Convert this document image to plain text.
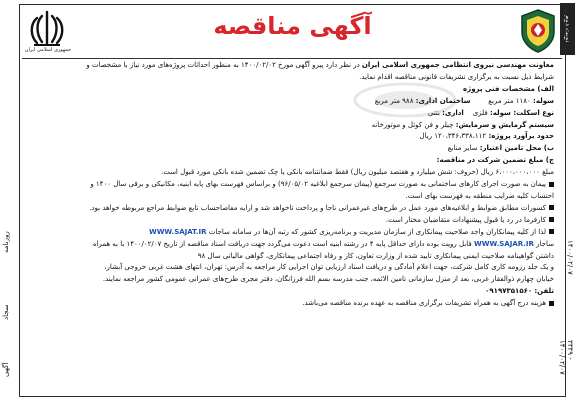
روزنامه
سجاد
آگهی
نوبت دوم
۱۴۰۰/۰۲/۰۷
۳۳۴۹ - ۱۴۰۰/۰۲/۰۷
جمهوری اسلامی ایران
آگهی مناقصه

معاونت مهندسی نیروی انتظامی جمهوری اسلامی ایران در نظر دارد پیرو آگهی مورخ ۱۴۰۰/۰۲/۰۲ به منظور احداثات پروژه‌های مورد نیاز با مشخصات و

شرایط ذیل نسبت به برگزاری تشریفات قانونی مناقصه اقدام نماید.

الف) مشخصات فنی پروژه

سوله: ۱۱۸۰ متر مربع        ساختمان اداری: ۹۸۸ متر مربع

نوع اسکلت: سوله: فلزی    اداری: بتنی

سیستم گرمایش و سرمایش: چیلر و فن کوئل و موتورخانه

حدود برآورد پروژه: ۱۲۰،۳۴۶،۳۳۸،۱۱۲ ریال

ب) محل تامین اعتبار: سایر منابع

ج) مبلغ تضمین شرکت در مناقصه:

مبلغ ۶،۰۰۰،۰۰۰،۰۰۰ ریال (حروف: شش میلیارد و هفتصد میلیون ریال) فقط ضمانتنامه بانکی یا چک تضمین شده بانکی مورد قبول است.

پیمان به صورت اجرای کارهای ساختمانی به صورت سرجمع (پیمان سرجمع ابلاغیه ۹۶/۰۵/۰۲) و براساس فهرست بهای پایه ابنیه، مکانیکی و برقی سال ۱۴۰۰ و

احتساب کلیه ضرایب منطقه به فهرست بهای است.

کسورات مطابق ضوابط و ابلاغیه‌های مورد عمل در طرح‌های غیرعمرانی ناجا و پرداخت تاخواهد شد و ارایه مفاصاحساب تابع ضوابط مراجع مربوطه خواهد بود.

کارفرما در رد یا قبول پیشنهادات متقاضیان مختار است.

لذا از کلیه پیمانکاران واجد صلاحیت پیمانکاری از سازمان مدیریت و برنامه‌ریزی کشور که رتبه آن‌ها در سامانه ساجات WWW.SAJAT.IR

ساجار WWW.SAJAR.IR قابل رویت بوده دارای حداقل پایه ۴ در رشته ابنیه است دعوت می‌گردد جهت دریافت اسناد مناقصه از تاریخ ۱۴۰۰/۰۲/۰۷ با به همراه

داشتن گواهینامه صلاحیت ایمنی پیمانکاری تایید شده از وزارت تعاون، کار و رفاه اجتماعی پیمانکاری، گواهی مالیاتی سال ۹۸

و یک جلد رزومه کاری کامل شرکت، جهت اعلام آمادگی و دریافت اسناد ارزیابی توان اجرایی کار مراجعه به آدرس: تهران، انتهای هشت غربی خروجی آبشار،

خیابان چهارم ذوالفقار غربی، بعد از منزل سازمانی تامین الائمه، جنب مدرسه بسم الله فرزانگان، دفتر مجری طرح‌های عمرانی عمومی کشور مراجعه نمایند.

تلفن: ۰۹۱۹۷۳۵۱۵۶۰

هزینه درج آگهی به همراه تشریفات برگزاری مناقصه به عهده برنده مناقصه می‌باشد.
